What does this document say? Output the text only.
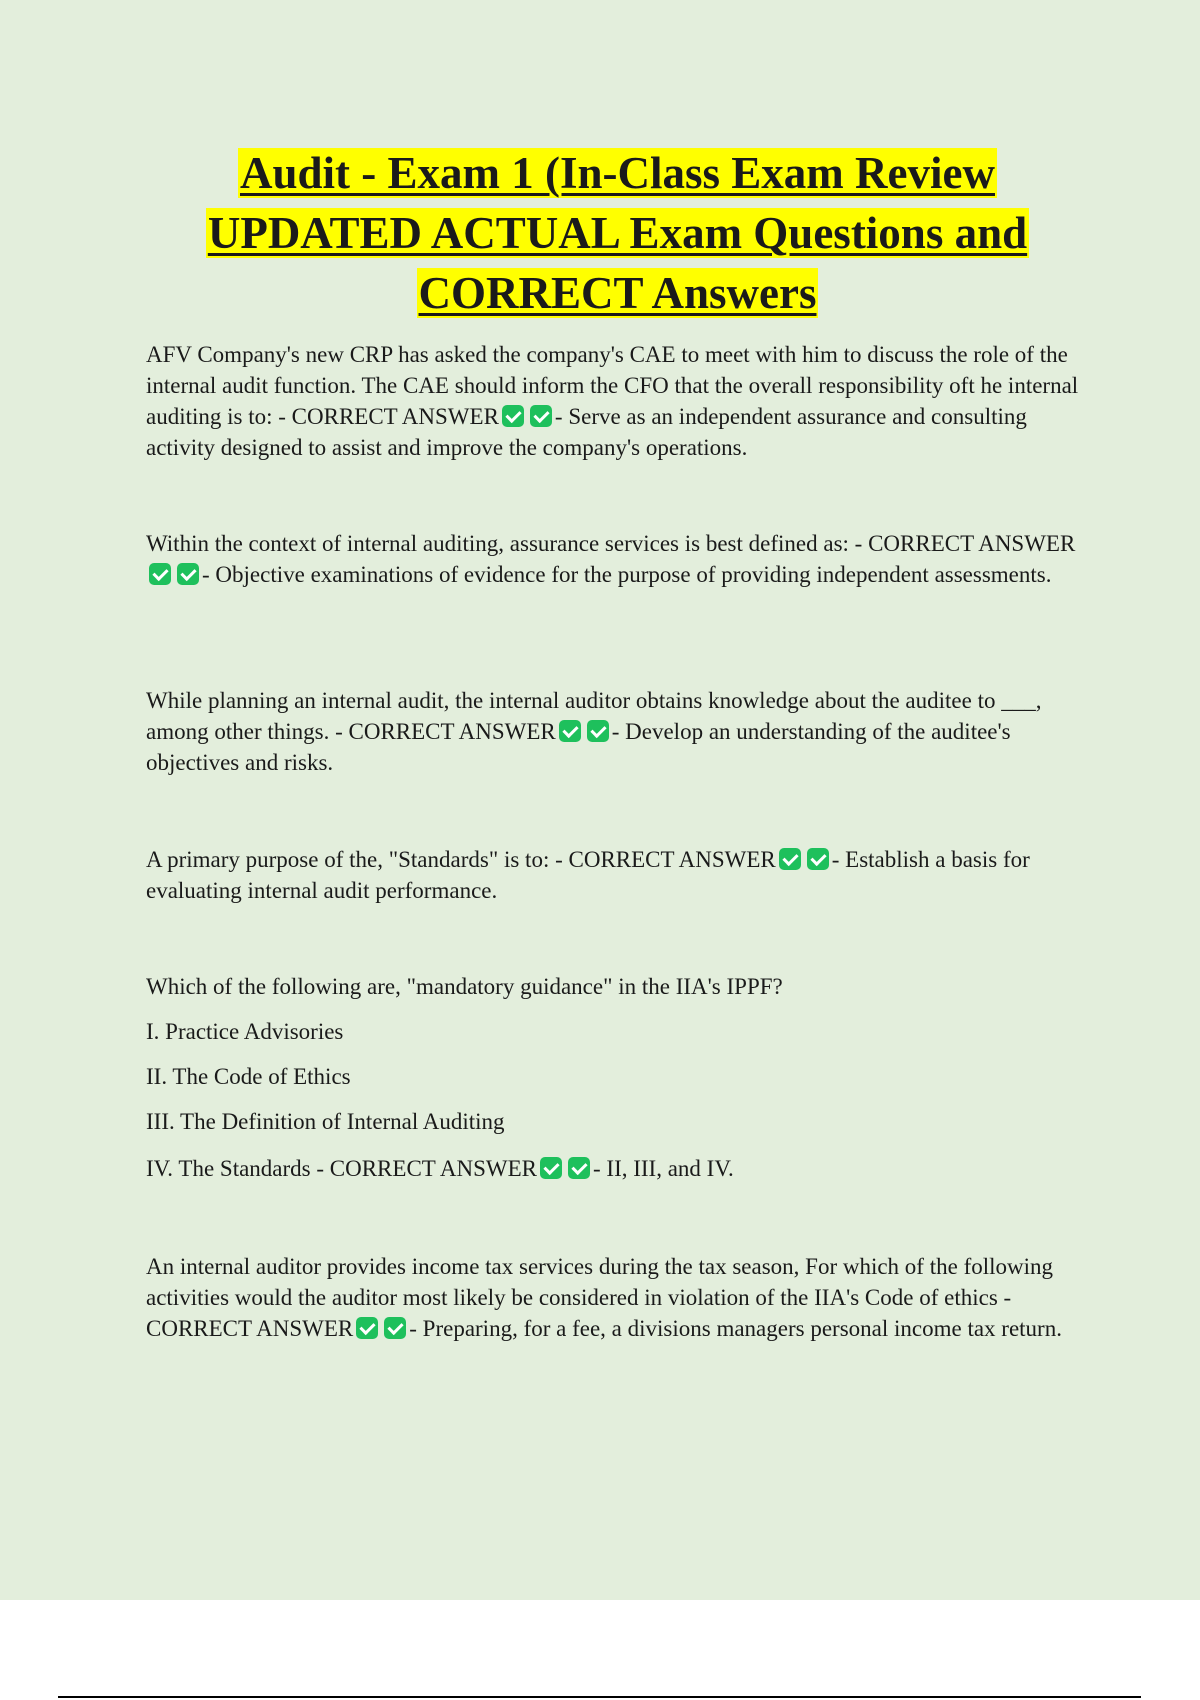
Audit - Exam 1 (In-Class Exam Review
UPDATED ACTUAL Exam Questions and
CORRECT Answers

AFV Company's new CRP has asked the company's CAE to meet with him to discuss the role of the internal audit function. The CAE should inform the CFO that the overall responsibility oft he internal auditing is to: - CORRECT ANSWER - Serve as an independent assurance and consulting activity designed to assist and improve the company's operations.

Within the context of internal auditing, assurance services is best defined as: - CORRECT ANSWER- Objective examinations of evidence for the purpose of providing independent assessments.

While planning an internal audit, the internal auditor obtains knowledge about the auditee to ___, among other things. - CORRECT ANSWER - Develop an understanding of the auditee's objectives and risks.

A primary purpose of the, "Standards" is to: - CORRECT ANSWER - Establish a basis for evaluating internal audit performance.

Which of the following are, "mandatory guidance" in the IIA's IPPF?

I. Practice Advisories

II. The Code of Ethics

III. The Definition of Internal Auditing

IV. The Standards - CORRECT ANSWER - II, III, and IV.

An internal auditor provides income tax services during the tax season, For which of the following activities would the auditor most likely be considered in violation of the IIA's Code of ethics - CORRECT ANSWER - Preparing, for a fee, a divisions managers personal income tax return.
